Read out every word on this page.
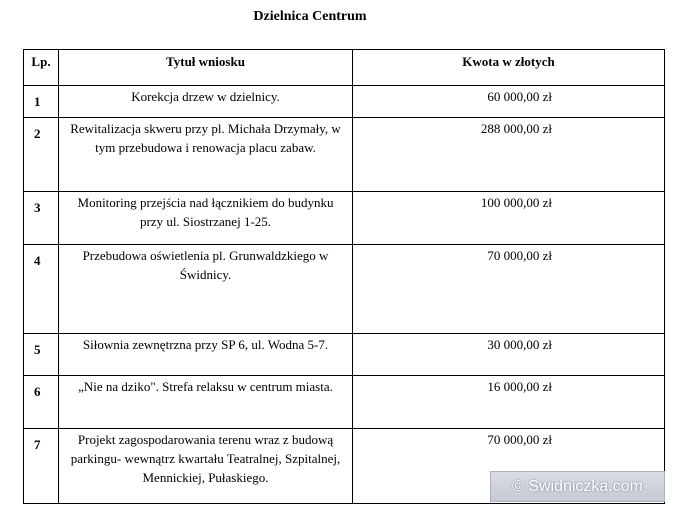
Dzielnica Centrum
Lp.	Tytuł wniosku	Kwota w złotych
1	Korekcja drzew w dzielnicy.	60 000,00 zł

2	Rewitalizacja skweru przy pl. Michała Drzymały, w tym przebudowa i renowacja placu zabaw.	288 000,00 zł

3	Monitoring przejścia nad łącznikiem do budynku przy ul. Siostrzanej 1-25.	100 000,00 zł

4	Przebudowa oświetlenia pl. Grunwaldzkiego w Świdnicy.	70 000,00 zł

5	Siłownia zewnętrzna przy SP 6, ul. Wodna 5-7.	30 000,00 zł

6	„Nie na dziko". Strefa relaksu w centrum miasta.	16 000,00 zł

7	Projekt zagospodarowania terenu wraz z budową parkingu- wewnątrz kwartału Teatralnej, Szpitalnej, Mennickiej, Pułaskiego.	70 000,00 zł
© Swidniczka.com
